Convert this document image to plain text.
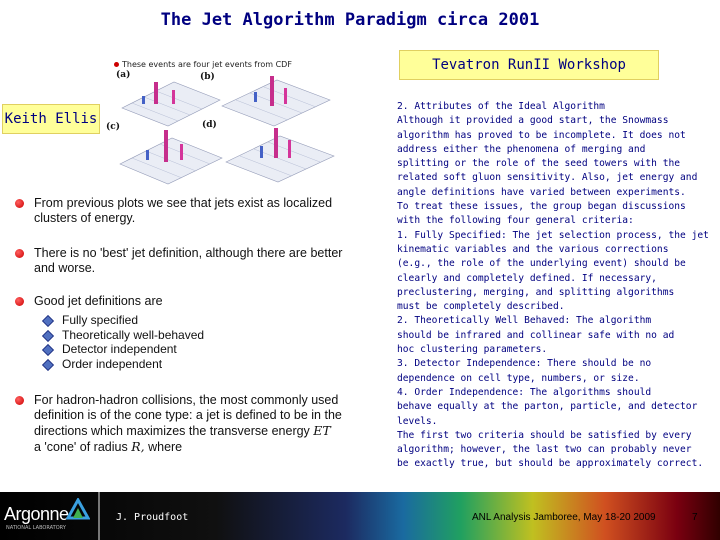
The Jet Algorithm Paradigm circa 2001
Tevatron RunII Workshop
Keith Ellis
These events are four jet events from CDF
(a)	(b)
(c)	(d)
From previous plots we see that jets exist as localized
clusters of energy.
There is no 'best' jet definition, although there are better
and worse.
Good jet definitions are
Fully specified
Theoretically well-behaved
Detector independent
Order independent
For hadron-hadron collisions, the most commonly used
definition is of the cone type: a jet is defined to be in the
directions which maximizes the transverse energy ET
a 'cone' of radius R, where
2. Attributes of the Ideal Algorithm
Although it provided a good start, the Snowmass
algorithm has proved to be incomplete. It does not
address either the phenomena of merging and
splitting or the role of the seed towers with the
related soft gluon sensitivity. Also, jet energy and
angle definitions have varied between experiments.
To treat these issues, the group began discussions
with the following four general criteria:
1. Fully Specified: The jet selection process, the jet
kinematic variables and the various corrections
(e.g., the role of the underlying event) should be
clearly and completely defined. If necessary,
preclustering, merging, and splitting algorithms
must be completely described.
2. Theoretically Well Behaved: The algorithm
should be infrared and collinear safe with no ad
hoc clustering parameters.
3. Detector Independence: There should be no
dependence on cell type, numbers, or size.
4. Order Independence: The algorithms should
behave equally at the parton, particle, and detector
levels.
The first two criteria should be satisfied by every
algorithm; however, the last two can probably never
be exactly true, but should be approximately correct.
Argonne
NATIONAL LABORATORY
J. Proudfoot	ANL Analysis Jamboree, May 18-20 2009	7
